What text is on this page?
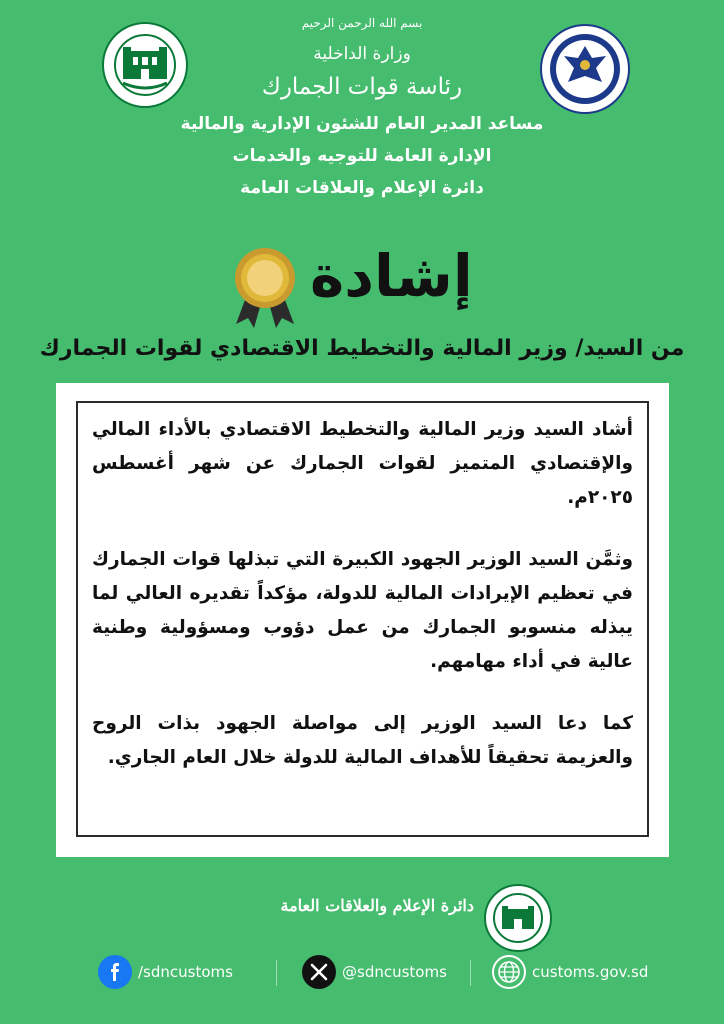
بسم الله الرحمن الرحيم
وزارة الداخلية
رئاسة قوات الجمارك
مساعد المدير العام للشئون الإدارية والمالية
الإدارة العامة للتوجيه والخدمات
دائرة الإعلام والعلاقات العامة
إشادة
من السيد/ وزير المالية والتخطيط الاقتصادي لقوات الجمارك

أشاد السيد وزير المالية والتخطيط الاقتصادي بالأداء المالي والإقتصادي المتميز لقوات الجمارك عن شهر أغسطس ٢٠٢٥م.

وثمَّن السيد الوزير الجهود الكبيرة التي تبذلها قوات الجمارك في تعظيم الإيرادات المالية للدولة، مؤكداً تقديره العالي لما يبذله منسوبو الجمارك من عمل دؤوب ومسؤولية وطنية عالية في أداء مهامهم.

كما دعا السيد الوزير إلى مواصلة الجهود بذات الروح والعزيمة تحقيقاً للأهداف المالية للدولة خلال العام الجاري.

دائرة الإعلام والعلاقات العامة
/sdncustoms	@sdncustoms	customs.gov.sd
